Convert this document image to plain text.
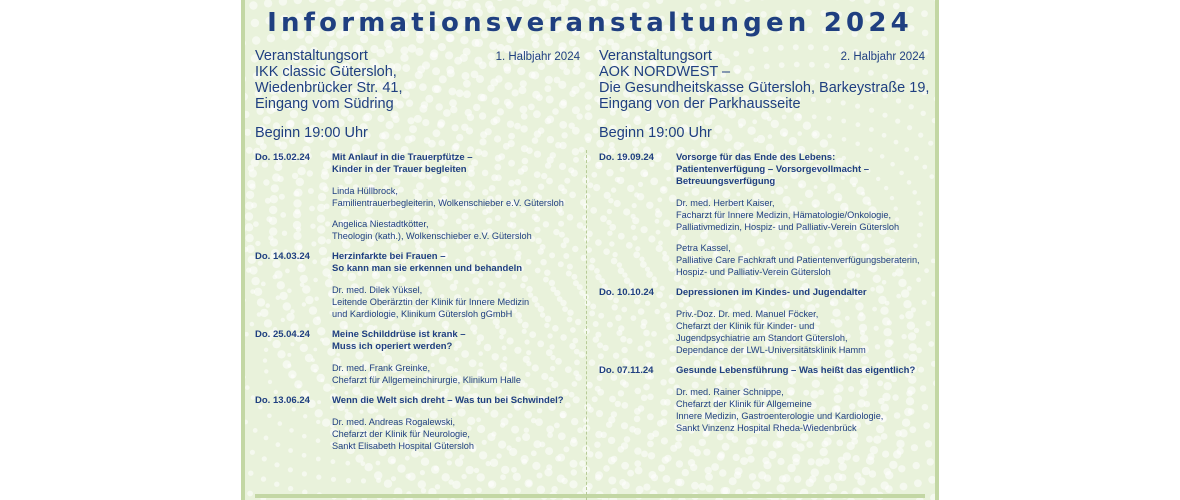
Informationsveranstaltungen 2024
Veranstaltungsort	1. Halbjahr 2024
IKK classic Gütersloh,
Wiedenbrücker Str. 41,
Eingang vom Südring
Beginn 19:00 Uhr
Do. 15.02.24	Mit Anlauf in die Trauerpfütze –
Kinder in der Trauer begleiten
Linda Hüllbrock,
Familientrauerbegleiterin, Wolkenschieber e.V. Gütersloh
Angelica Niestadtkötter,
Theologin (kath.), Wolkenschieber e.V. Gütersloh
Do. 14.03.24	Herzinfarkte bei Frauen –
So kann man sie erkennen und behandeln
Dr. med. Dilek Yüksel,
Leitende Oberärztin der Klinik für Innere Medizin
und Kardiologie, Klinikum Gütersloh gGmbH
Do. 25.04.24	Meine Schilddrüse ist krank –
Muss ich operiert werden?
Dr. med. Frank Greinke,
Chefarzt für Allgemeinchirurgie, Klinikum Halle
Do. 13.06.24	Wenn die Welt sich dreht – Was tun bei Schwindel?
Dr. med. Andreas Rogalewski,
Chefarzt der Klinik für Neurologie,
Sankt Elisabeth Hospital Gütersloh
Veranstaltungsort	2. Halbjahr 2024
AOK NORDWEST –
Die Gesundheitskasse Gütersloh, Barkeystraße 19,
Eingang von der Parkhausseite
Beginn 19:00 Uhr
Do. 19.09.24	Vorsorge für das Ende des Lebens:
Patientenverfügung – Vorsorgevollmacht –
Betreuungsverfügung
Dr. med. Herbert Kaiser,
Facharzt für Innere Medizin, Hämatologie/Onkologie,
Palliativmedizin, Hospiz- und Palliativ-Verein Gütersloh
Petra Kassel,
Palliative Care Fachkraft und Patientenverfügungsberaterin,
Hospiz- und Palliativ-Verein Gütersloh
Do. 10.10.24	Depressionen im Kindes- und Jugendalter
Priv.-Doz. Dr. med. Manuel Föcker,
Chefarzt der Klinik für Kinder- und
Jugendpsychiatrie am Standort Gütersloh,
Dependance der LWL-Universitätsklinik Hamm
Do. 07.11.24	Gesunde Lebensführung – Was heißt das eigentlich?
Dr. med. Rainer Schnippe,
Chefarzt der Klinik für Allgemeine
Innere Medizin, Gastroenterologie und Kardiologie,
Sankt Vinzenz Hospital Rheda-Wiedenbrück
